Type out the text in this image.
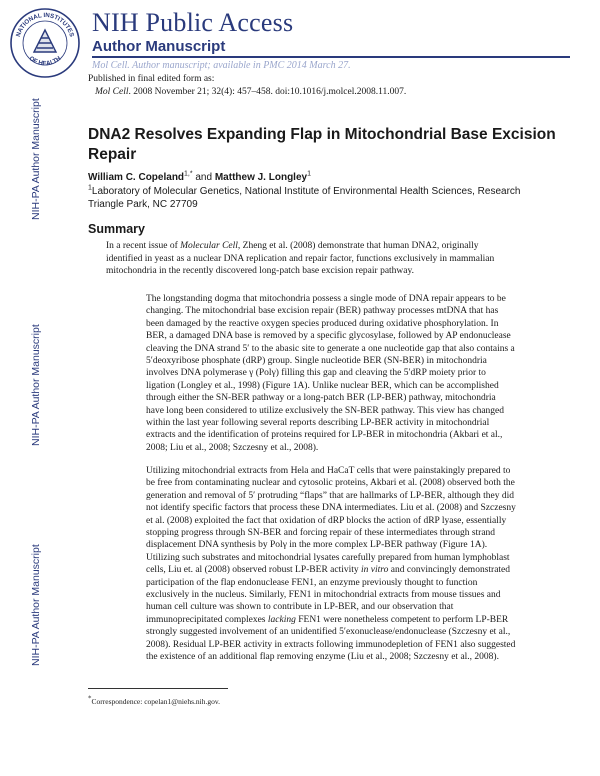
NATIONAL INSTITUTES
OF HEALTH
NIH Public Access
Author Manuscript
Mol Cell. Author manuscript; available in PMC 2014 March 27.
NIH-PA Author Manuscript
NIH-PA Author Manuscript
NIH-PA Author Manuscript
Published in final edited form as:
Mol Cell. 2008 November 21; 32(4): 457–458. doi:10.1016/j.molcel.2008.11.007.
DNA2 Resolves Expanding Flap in Mitochondrial Base Excision Repair
William C. Copeland$^{1,*}$ and Matthew J. Longley$^1$
$^1$Laboratory of Molecular Genetics, National Institute of Environmental Health Sciences, Research Triangle Park, NC 27709
Summary
In a recent issue of Molecular Cell, Zheng et al. (2008) demonstrate that human DNA2, originally identified in yeast as a nuclear DNA replication and repair factor, functions exclusively in mammalian mitochondria in the recently discovered long-patch base excision repair pathway.

The longstanding dogma that mitochondria possess a single mode of DNA repair appears to be changing. The mitochondrial base excision repair (BER) pathway processes mtDNA that has been damaged by the reactive oxygen species produced during oxidative phosphorylation. In BER, a damaged DNA base is removed by a specific glycosylase, followed by AP endonuclease cleaving the DNA strand 5′ to the abasic site to generate a one nucleotide gap that also contains a 5′deoxyribose phosphate (dRP) group. Single nucleotide BER (SN-BER) in mitochondria involves DNA polymerase γ (Polγ) filling this gap and cleaving the 5′dRP moiety prior to ligation (Longley et al., 1998) (Figure 1A). Unlike nuclear BER, which can be accomplished through either the SN-BER pathway or a long-patch BER (LP-BER) pathway, mitochondria have long been considered to utilize exclusively the SN-BER pathway. This view has changed within the last year following several reports describing LP-BER activity in mitochondrial extracts and the identification of proteins required for LP-BER in mitochondria (Akbari et al., 2008; Liu et al., 2008; Szczesny et al., 2008).

Utilizing mitochondrial extracts from Hela and HaCaT cells that were painstakingly prepared to be free from contaminating nuclear and cytosolic proteins, Akbari et al. (2008) observed both the generation and removal of 5′ protruding “flaps” that are hallmarks of LP-BER, although they did not identify specific factors that process these DNA intermediates. Liu et al. (2008) and Szczesny et al. (2008) exploited the fact that oxidation of dRP blocks the action of dRP lyase, essentially stopping progress through SN-BER and forcing repair of these intermediates through strand displacement DNA synthesis by Polγ in the more complex LP-BER pathway (Figure 1A). Utilizing such substrates and mitochondrial lysates carefully prepared from human lymphoblast cells, Liu et. al (2008) observed robust LP-BER activity in vitro and convincingly demonstrated participation of the flap endonuclease FEN1, an enzyme previously thought to function exclusively in the nucleus. Similarly, FEN1 in mitochondrial extracts from mouse tissues and human cell culture was shown to contribute in LP-BER, and our observation that immunoprecipitated complexes lacking FEN1 were nonetheless competent to perform LP-BER strongly suggested involvement of an unidentified 5′exonuclease/endonuclease (Szczesny et al., 2008). Residual LP-BER activity in extracts following immunodepletion of FEN1 also suggested the existence of an additional flap removing enzyme (Liu et al., 2008; Szczesny et al., 2008).

*Correspondence: copelan1@niehs.nih.gov.
